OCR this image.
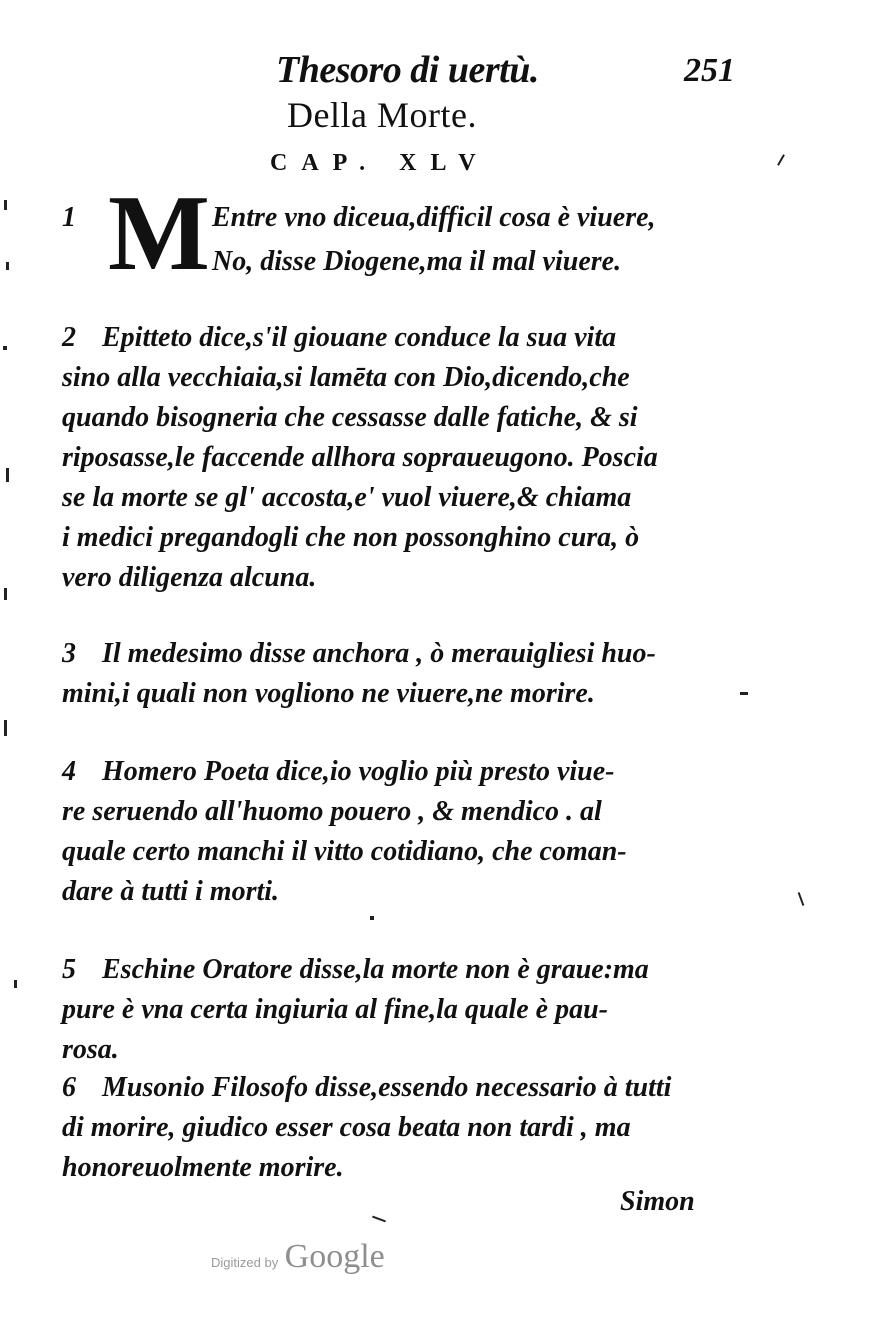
Thesoro di uertù.	251
Della Morte.
CAP. XLV
1	Entre vno diceua,difficil cosa è viuere,
No, disse Diogene,ma il mal viuere.
M
2 Epitteto dice,s'il giouane conduce la sua vita
sino alla vecchiaia,si lamēta con Dio,dicendo,che
quando bisogneria che cessasse dalle fatiche, & si
riposasse,le faccende allhora sopraueugono. Poscia
se la morte se gl' accosta,e' vuol viuere,& chiama
i medici pregandogli che non possonghino cura, ò
vero diligenza alcuna.
3 Il medesimo disse anchora , ò merauigliesi huo-
mini,i quali non vogliono ne viuere,ne morire.
4 Homero Poeta dice,io voglio più presto viue-
re seruendo all'huomo pouero , & mendico . al
quale certo manchi il vitto cotidiano, che coman-
dare à tutti i morti.
5 Eschine Oratore disse,la morte non è graue:ma
pure è vna certa ingiuria al fine,la quale è pau-
rosa.
6 Musonio Filosofo disse,essendo necessario à tutti
di morire, giudico esser cosa beata non tardi , ma
honoreuolmente morire.
Simon
Digitized by Google
